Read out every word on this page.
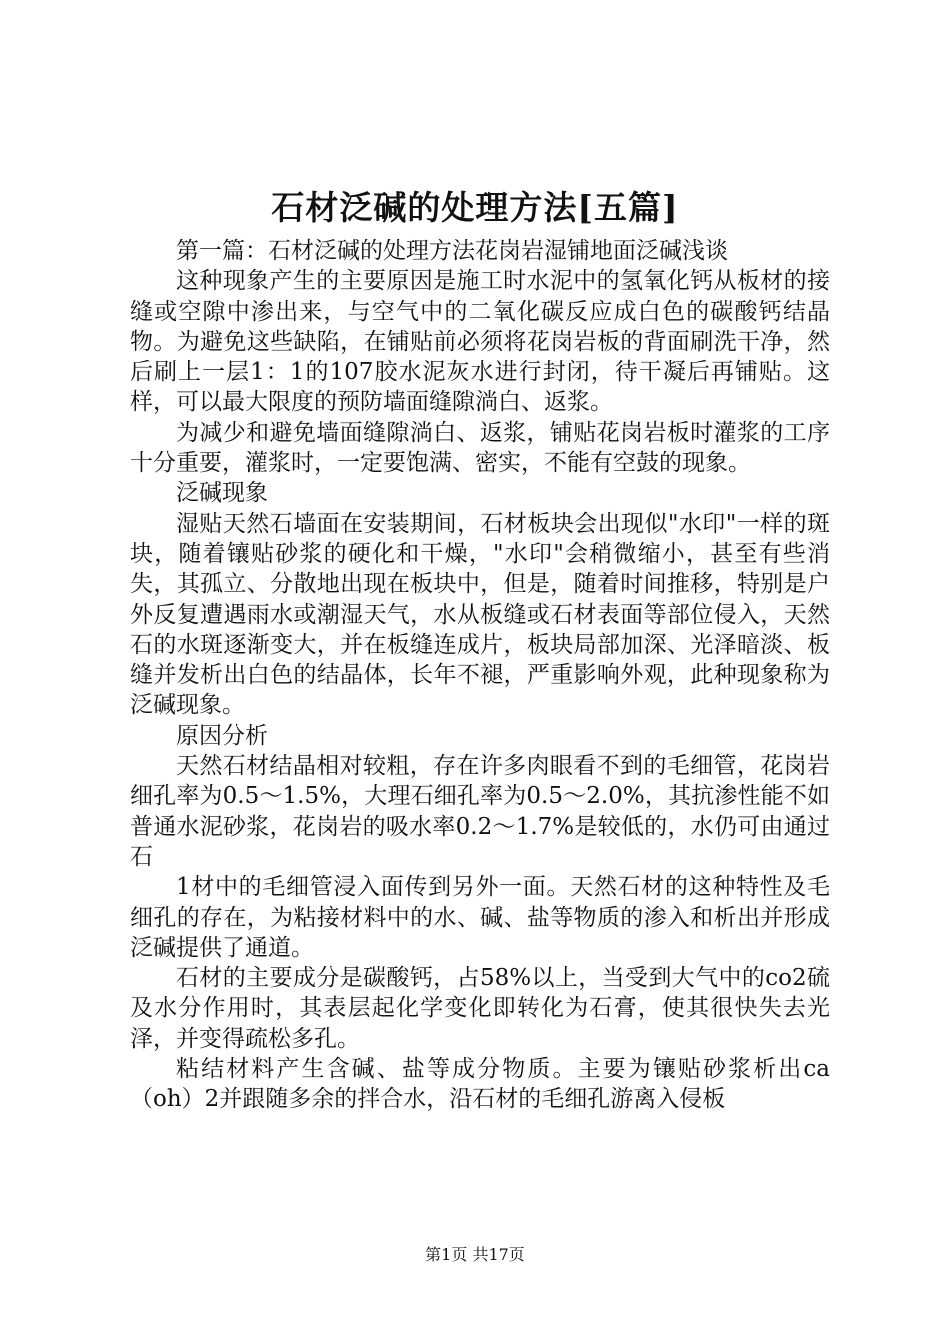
石材泛碱的处理方法[五篇]

第一篇：石材泛碱的处理方法花岗岩湿铺地面泛碱浅谈

这种现象产生的主要原因是施工时水泥中的氢氧化钙从板材的接缝或空隙中渗出来，与空气中的二氧化碳反应成白色的碳酸钙结晶物。为避免这些缺陷，在铺贴前必须将花岗岩板的背面刷洗干净，然后刷上一层1：1的107胶水泥灰水进行封闭，待干凝后再铺贴。这样，可以最大限度的预防墙面缝隙淌白、返浆。

为减少和避免墙面缝隙淌白、返浆，铺贴花岗岩板时灌浆的工序十分重要，灌浆时，一定要饱满、密实，不能有空鼓的现象。

泛碱现象

湿贴天然石墙面在安装期间，石材板块会出现似"水印"一样的斑块，随着镶贴砂浆的硬化和干燥，"水印"会稍微缩小，甚至有些消失，其孤立、分散地出现在板块中，但是，随着时间推移，特别是户外反复遭遇雨水或潮湿天气，水从板缝或石材表面等部位侵入，天然石的水斑逐渐变大，并在板缝连成片，板块局部加深、光泽暗淡、板缝并发析出白色的结晶体，长年不褪，严重影响外观，此种现象称为泛碱现象。

原因分析

天然石材结晶相对较粗，存在许多肉眼看不到的毛细管，花岗岩细孔率为0.5～1.5%，大理石细孔率为0.5～2.0%，其抗渗性能不如普通水泥砂浆，花岗岩的吸水率0.2～1.7%是较低的，水仍可由通过石

1材中的毛细管浸入面传到另外一面。天然石材的这种特性及毛细孔的存在，为粘接材料中的水、碱、盐等物质的渗入和析出并形成泛碱提供了通道。

石材的主要成分是碳酸钙，占58%以上，当受到大气中的co2硫及水分作用时，其表层起化学变化即转化为石膏，使其很快失去光泽，并变得疏松多孔。

粘结材料产生含碱、盐等成分物质。主要为镶贴砂浆析出ca（oh）2并跟随多余的拌合水，沿石材的毛细孔游离入侵板

第1页 共17页
